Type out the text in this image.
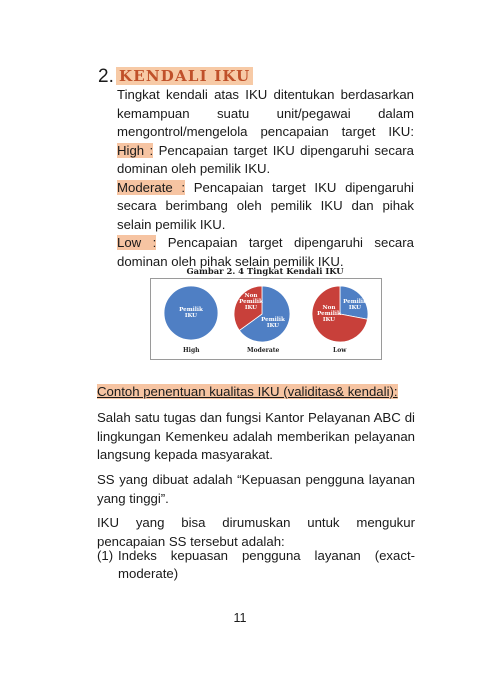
2. KENDALI IKU
Tingkat kendali atas IKU ditentukan berdasarkan kemampuan suatu unit/pegawai dalam mengontrol/mengelola pencapaian target IKU: High : Pencapaian target IKU dipengaruhi secara dominan oleh pemilik IKU.
Moderate : Pencapaian target IKU dipengaruhi secara berimbang oleh pemilik IKU dan pihak selain pemilik IKU.
Low : Pencapaian target dipengaruhi secara dominan oleh pihak selain pemilik IKU.
Gambar 2. 4 Tingkat Kendali IKU
Pemilik IKU
High
Non Pemilik IKU
Pemilik IKU
Moderate
Non Pemilik IKU
Pemilik IKU
Low
Contoh penentuan kualitas IKU (validitas& kendali):
Salah satu tugas dan fungsi Kantor Pelayanan ABC di lingkungan Kemenkeu adalah memberikan pelayanan langsung kepada masyarakat.
SS yang dibuat adalah “Kepuasan pengguna layanan yang tinggi”.
IKU yang bisa dirumuskan untuk mengukur pencapaian SS tersebut adalah:
(1) Indeks kepuasan pengguna layanan (exact-
moderate)
11
